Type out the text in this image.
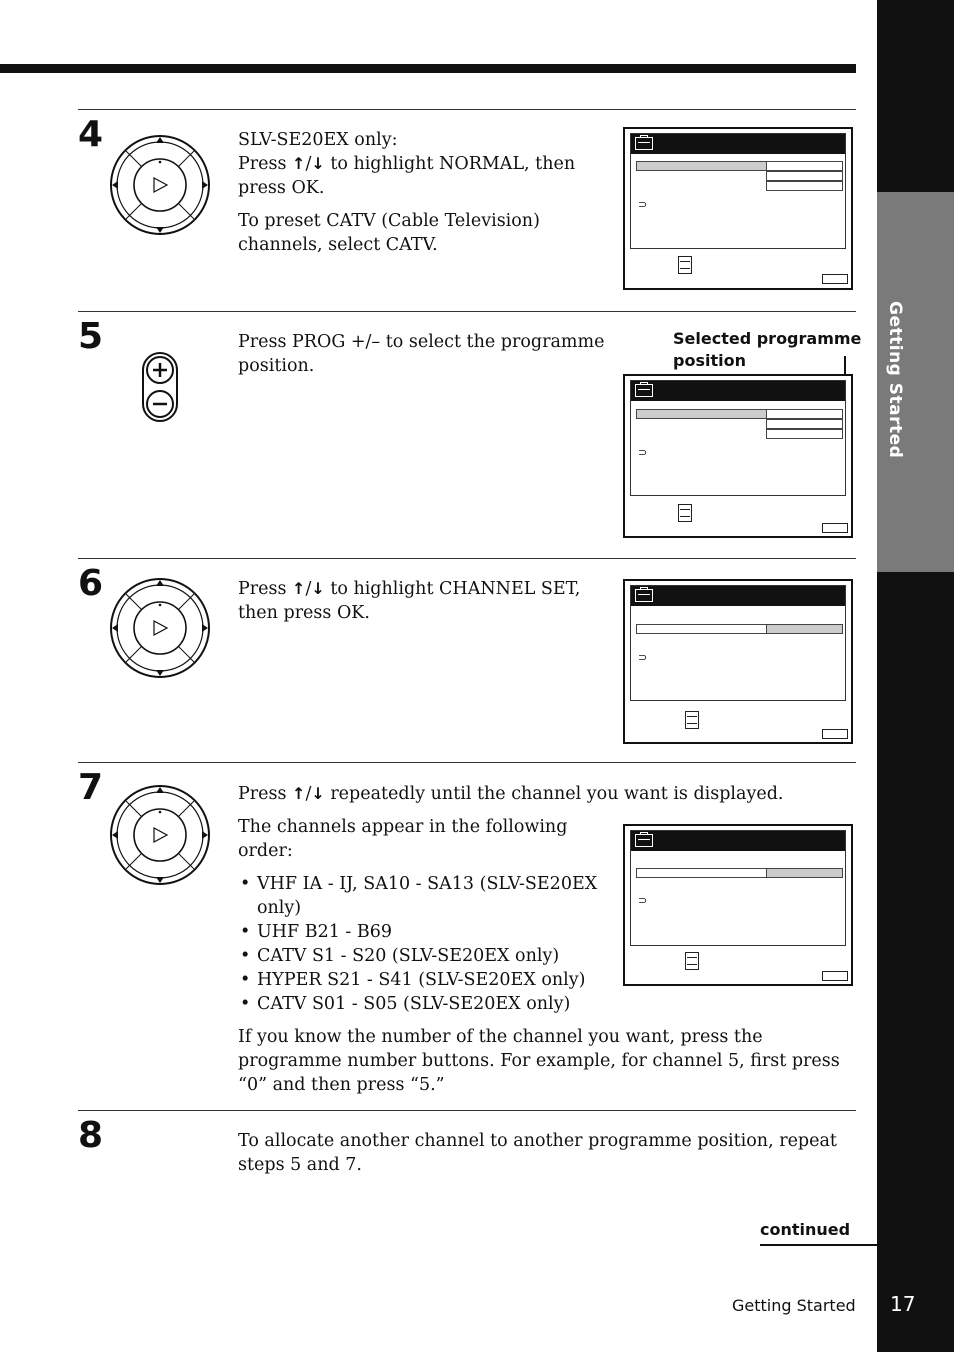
Getting Started
4	SLV-SE20EX only:

Press ↑/↓ to highlight NORMAL, then press OK.

To preset CATV (Cable Television) channels, select CATV.

⊃
5	Press PROG +/– to select the programme position.

Selected programme position
⊃
6	Press ↑/↓ to highlight CHANNEL SET, then press OK.

⊃
7	Press ↑/↓ repeatedly until the channel you want is displayed.

The channels appear in the following order:

• VHF IA - IJ, SA10 - SA13 (SLV-SE20EX only)
• UHF B21 - B69
• CATV S1 - S20 (SLV-SE20EX only)
• HYPER S21 - S41 (SLV-SE20EX only)
• CATV S01 - S05 (SLV-SE20EX only)

If you know the number of the channel you want, press the programme number buttons. For example, for channel 5, first press “0” and then press “5.”

⊃
8	To allocate another channel to another programme position, repeat steps 5 and 7.

continued
Getting Started 17
